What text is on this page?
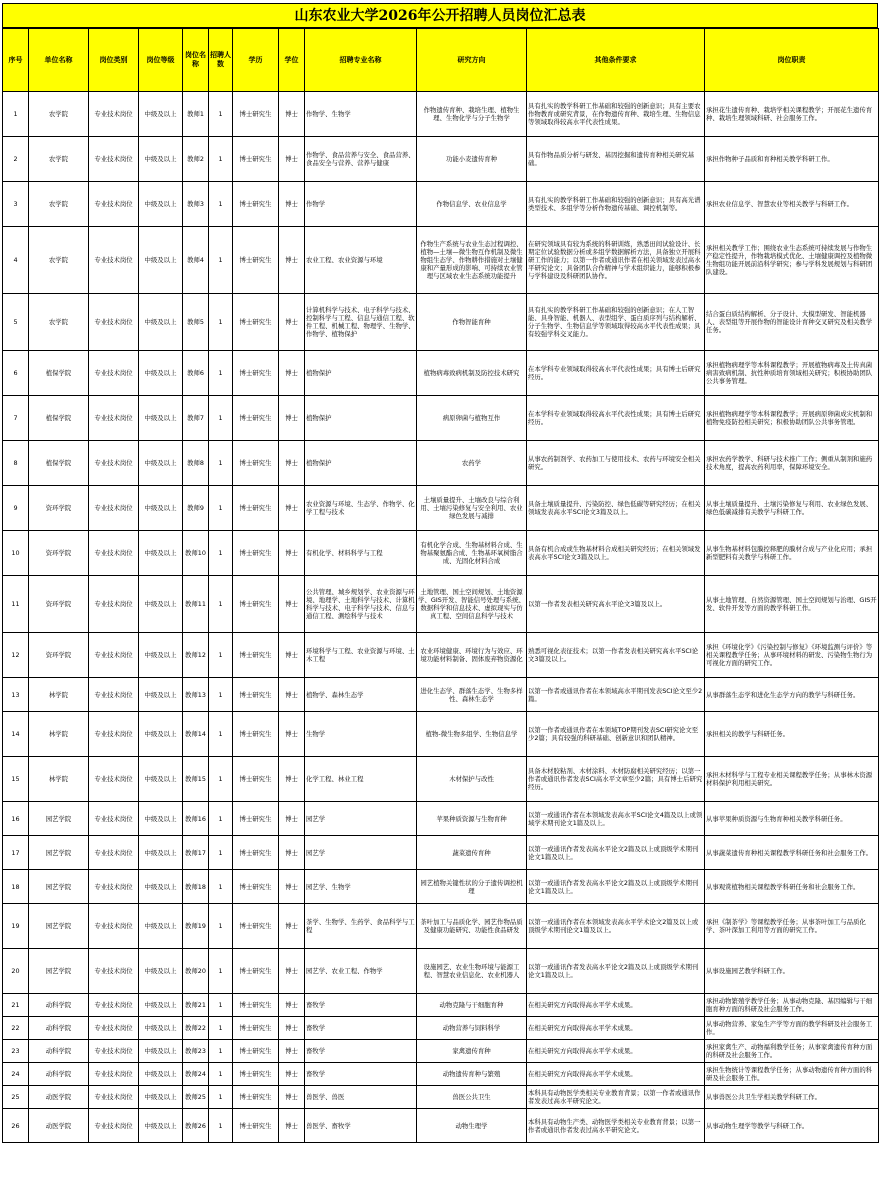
山东农业大学2026年公开招聘人员岗位汇总表
序号	单位名称	岗位类别	岗位等级	岗位名称	招聘人数	学历	学位	招聘专业名称	研究方向	其他条件要求	岗位职责
1	农学院	专业技术岗位	中级及以上	教师1	1	博士研究生	博士	作物学、生物学	作物遗传育种、栽培生理、植物生理、生物化学与分子生物学	具有扎实的教学科研工作基础和较强的创新意识；具有主要农作物教育或研究背景，在作物遗传育种、栽培生理、生物信息等领域取得较高水平代表性成果。	承担花生遗传育种、栽培学相关课程教学；开展花生遗传育种、栽培生理领域科研、社会服务工作。
2	农学院	专业技术岗位	中级及以上	教师2	1	博士研究生	博士	作物学、食品营养与安全、食品营养、食品安全与营养、营养与健康	功能小麦遗传育种	具有作物品质分析与研发、基因挖掘和遗传育种相关研究基础。	承担作物种子品质和育种相关教学科研工作。
3	农学院	专业技术岗位	中级及以上	教师3	1	博士研究生	博士	作物学	作物信息学、农业信息学	具有扎实的教学科研工作基础和较强的创新意识；具有高光谱类型技术、多组学等分析作物遗传基础、调控机制等。	承担农业信息学、智慧农业等相关教学与科研工作。
4	农学院	专业技术岗位	中级及以上	教师4	1	博士研究生	博士	农业工程、农业资源与环境	作物生产系统与农业生态过程调控、植物—土壤—微生物互作机制及微生物组生态学、作物耕作措施对土壤健康和产量形成的影响、可持续农业管理与区域农业生态系统功能提升	在研究领域具有较为系统的科研训练，熟悉田间试验设计、长期定位试验数据分析或多组学数据解析方法，具备独立开展科研工作的能力；以第一作者或通讯作者在相关领域发表过高水平研究论文；具备团队合作精神与学术组织能力，能够积极参与学科建设及科研团队协作。	承担相关教学工作；围绕农业生态系统可持续发展与作物生产稳定性提升，作物栽培模式优化、土壤健康调控及植物微生物组功能开展前沿科学研究；参与学科发展规划与科研团队建设。
5	农学院	专业技术岗位	中级及以上	教师5	1	博士研究生	博士	计算机科学与技术、电子科学与技术、控制科学与工程、信息与通信工程、软件工程、机械工程、物理学、生物学、作物学、植物保护	作物智能育种	具有扎实的教学科研工作基础和较强的创新意识；在人工智能、具身智能、机器人、表型组学、蛋白质序列与结构解析、分子生物学、生物信息学等领域取得较高水平代表性成果；具有较强学科交叉能力。	结合蛋白质结构解析、分子设计、大模型研发、智能机器人、表型组等开展作物的智能设计育种交叉研究及相关教学任务。
6	植保学院	专业技术岗位	中级及以上	教师6	1	博士研究生	博士	植物保护	植物病毒致病机制及防控技术研究	在本学科专业领域取得较高水平代表性成果；具有博士后研究经历。	承担植物病理学等本科课程教学；开展植物病毒及土传真菌病害致病机制、抗性种质培育领域相关研究；积极协助团队公共事务管理。
7	植保学院	专业技术岗位	中级及以上	教师7	1	博士研究生	博士	植物保护	病原卵菌与植物互作	在本学科专业领域取得较高水平代表性成果；具有博士后研究经历。	承担植物病理学等本科课程教学；开展病原卵菌成灾机制和植物免疫防控相关研究；积极协助团队公共事务管理。
8	植保学院	专业技术岗位	中级及以上	教师8	1	博士研究生	博士	植物保护	农药学	从事农药制剂学、农药加工与使用技术、农药与环境安全相关研究。	承担农药学教学、科研与技术推广工作；侧重从制剂和施药技术角度，提高农药利用率，保障环境安全。
9	资环学院	专业技术岗位	中级及以上	教师9	1	博士研究生	博士	农业资源与环境、生态学、作物学、化学工程与技术	土壤质量提升、土壤改良与综合利用、土壤污染修复与安全利用、农业绿色发展与减排	具备土壤质量提升、污染防控、绿色低碳等研究经历；在相关领域发表高水平SCI论文3篇及以上。	从事土壤质量提升、土壤污染修复与利用、农业绿色发展、绿色低碳减排有关教学与科研工作。
10	资环学院	专业技术岗位	中级及以上	教师10	1	博士研究生	博士	有机化学、材料科学与工程	有机化学合成、生物基材料合成、生物基聚氨酯合成、生物基环氧树脂合成、光固化材料合成	具备有机合成或生物基材料合成相关研究经历；在相关领域发表高水平SCI论文3篇及以上。	从事生物基材料包膜控释肥的膜材合成与产业化应用；承担新型肥料有关教学与科研工作。
11	资环学院	专业技术岗位	中级及以上	教师11	1	博士研究生	博士	公共管理、城乡规划学、农业资源与环境、地理学、土地科学与技术、计算机科学与技术、电子科学与技术、信息与通信工程、测绘科学与技术	土地管理、国土空间规划、土地资源学、GIS开发、智能信号处理与系统、数据科学和信息技术、虚拟现实与仿真工程、空间信息科学与技术	以第一作者发表相关研究高水平论文3篇及以上。	从事土地管理、自然资源管理、国土空间规划与治理、GIS开发、软件开发等方面的教学科研工作。
12	资环学院	专业技术岗位	中级及以上	教师12	1	博士研究生	博士	环境科学与工程、农业资源与环境、土木工程	农业环境健康、环境行为与效应、环境功能材料制备、固体废弃物资源化	熟悉可视化表征技术；以第一作者发表相关研究高水平SCI论文3篇及以上。	承担《环境化学》《污染控制与修复》《环境监测与评价》等相关课程教学任务；从事环境材料的研发、污染物生物行为可视化方面的研究工作。
13	林学院	专业技术岗位	中级及以上	教师13	1	博士研究生	博士	植物学、森林生态学	进化生态学、群落生态学、生物多样性、森林生态学	以第一作者或通讯作者在本领域高水平期刊发表SCI论文至少2篇。	从事群落生态学和进化生态学方向的教学与科研任务。
14	林学院	专业技术岗位	中级及以上	教师14	1	博士研究生	博士	生物学	植物-微生物多组学、生物信息学	以第一作者或通讯作者在本领域TOP期刊发表SCI研究论文至少2篇；具有较强的科研基础、创新意识和团队精神。	承担相关的教学与科研任务。
15	林学院	专业技术岗位	中级及以上	教师15	1	博士研究生	博士	化学工程、林业工程	木材保护与改性	具备木材胶粘剂、木材涂料、木材防腐相关研究经历；以第一作者或通讯作者发表SCI高水平文章至少2篇；具有博士后研究经历。	承担木材科学与工程专业相关课程教学任务；从事林木资源材料保护利用相关研究。
16	园艺学院	专业技术岗位	中级及以上	教师16	1	博士研究生	博士	园艺学	苹果种质资源与生物育种	以第一或通讯作者在本领域发表高水平SCI论文4篇及以上或领域学术期刊论文1篇及以上。	从事苹果种质资源与生物育种相关教学科研任务。
17	园艺学院	专业技术岗位	中级及以上	教师17	1	博士研究生	博士	园艺学	蔬菜遗传育种	以第一或通讯作者发表高水平论文2篇及以上或顶级学术期刊论文1篇及以上。	从事蔬菜遗传育种相关课程教学科研任务和社会服务工作。
18	园艺学院	专业技术岗位	中级及以上	教师18	1	博士研究生	博士	园艺学、生物学	园艺植物关键性状的分子遗传调控机理	以第一或通讯作者发表高水平论文2篇及以上或顶级学术期刊论文1篇及以上。	从事观赏植物相关课程教学科研任务和社会服务工作。
19	园艺学院	专业技术岗位	中级及以上	教师19	1	博士研究生	博士	茶学、生物学、生药学、食品科学与工程	茶叶加工与品质化学、园艺作物品质及健康功能研究、功能性食品研发	以第一或通讯作者在本领域发表高水平学术论文2篇及以上或顶级学术期刊论文1篇及以上。	承担《制茶学》等课程教学任务；从事茶叶加工与品质化学、茶叶深加工利用等方面的研究工作。
20	园艺学院	专业技术岗位	中级及以上	教师20	1	博士研究生	博士	园艺学、农业工程、作物学	设施园艺、农业生物环境与能源工程、智慧农业信息化、农业机器人	以第一或通讯作者发表高水平论文2篇及以上或顶级学术期刊论文1篇及以上。	从事设施园艺教学科研工作。
21	动科学院	专业技术岗位	中级及以上	教师21	1	博士研究生	博士	畜牧学	动物克隆与干细胞育种	在相关研究方向取得高水平学术成果。	承担动物繁殖学教学任务；从事动物克隆、基因编辑与干细胞育种方面的科研及社会服务工作。
22	动科学院	专业技术岗位	中级及以上	教师22	1	博士研究生	博士	畜牧学	动物营养与饲料科学	在相关研究方向取得高水平学术成果。	从事动物营养、家兔生产学等方面的教学科研及社会服务工作。
23	动科学院	专业技术岗位	中级及以上	教师23	1	博士研究生	博士	畜牧学	家禽遗传育种	在相关研究方向取得高水平学术成果。	承担家禽生产、动物福利教学任务；从事家禽遗传育种方面的科研及社会服务工作。
24	动科学院	专业技术岗位	中级及以上	教师24	1	博士研究生	博士	畜牧学	动物遗传育种与繁殖	在相关研究方向取得高水平学术成果。	承担生物统计等课程教学任务；从事动物遗传育种方面的科研及社会服务工作。
25	动医学院	专业技术岗位	中级及以上	教师25	1	博士研究生	博士	兽医学、兽医	兽医公共卫生	本科具有动物医学类相关专业教育背景；以第一作者或通讯作者发表过高水平研究论文。	从事兽医公共卫生学相关教学科研工作。
26	动医学院	专业技术岗位	中级及以上	教师26	1	博士研究生	博士	兽医学、畜牧学	动物生理学	本科具有动物生产类、动物医学类相关专业教育背景；以第一作者或通讯作者发表过高水平研究论文。	从事动物生理学等教学与科研工作。
